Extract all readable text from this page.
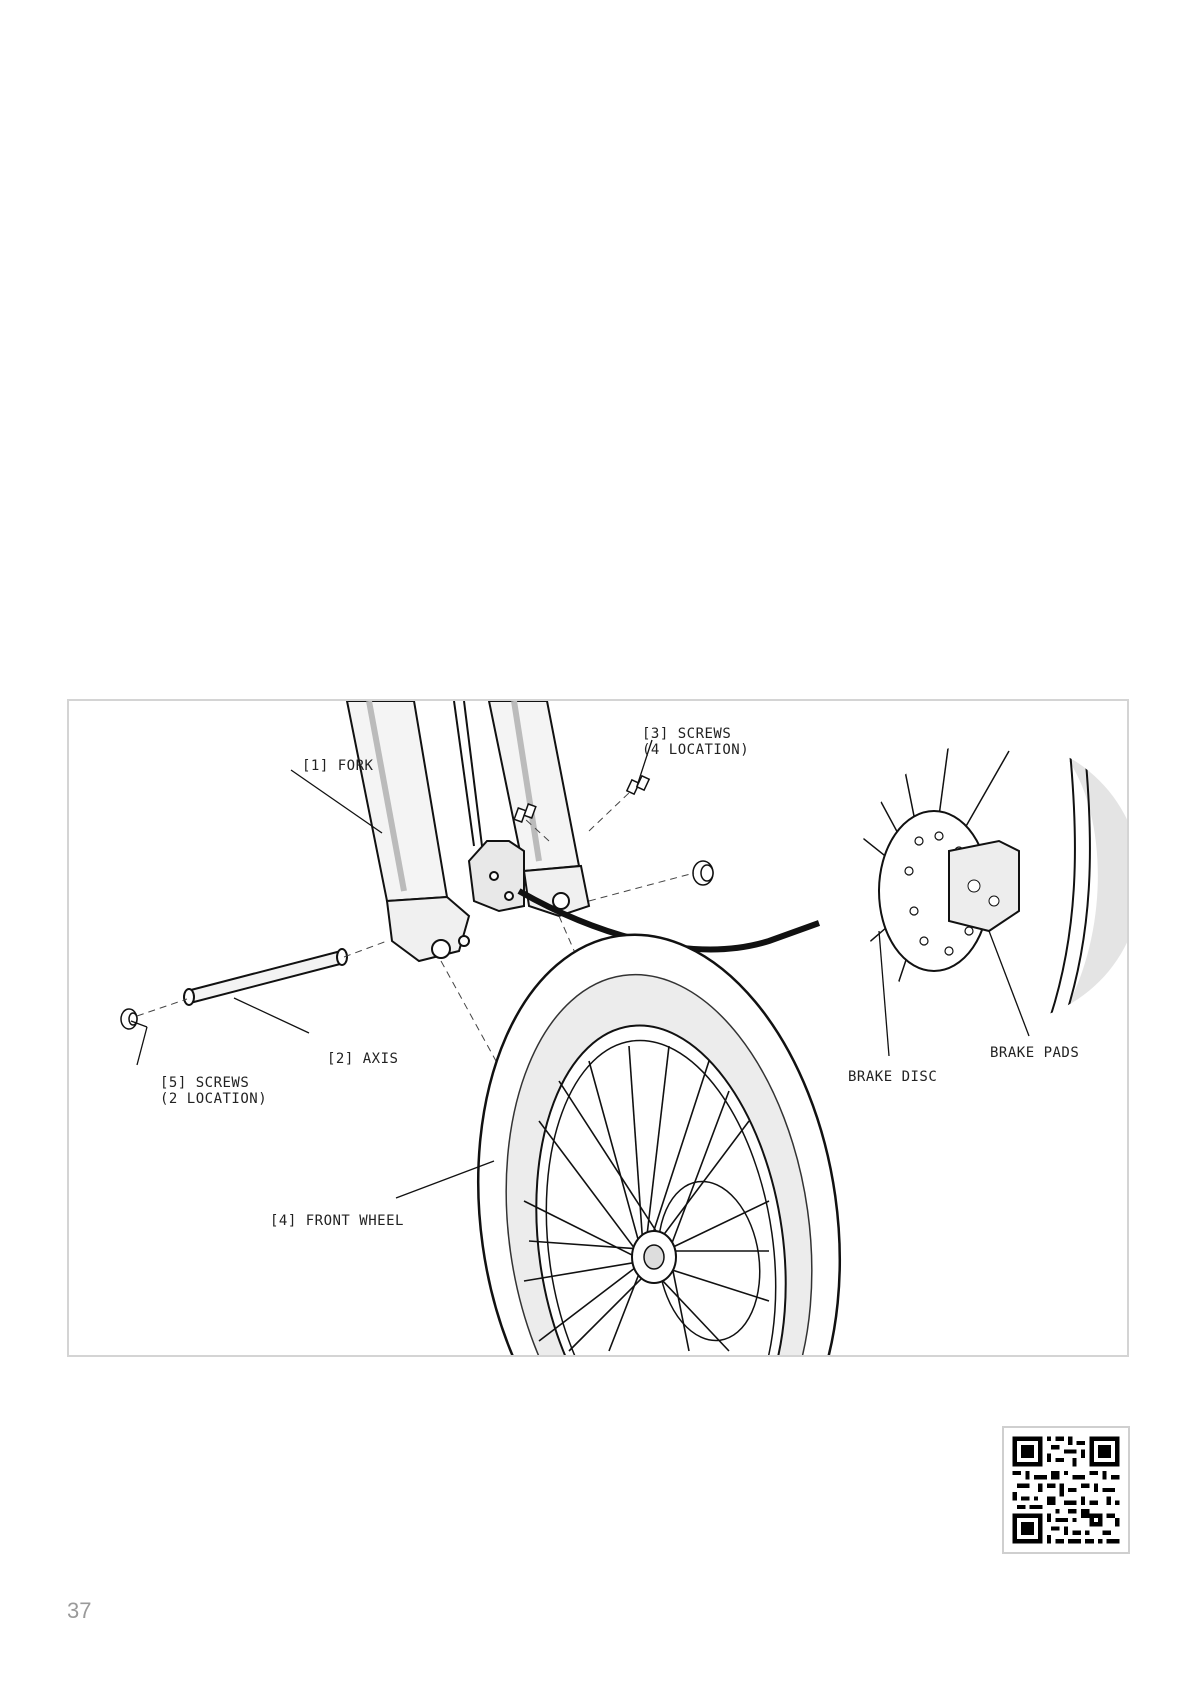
[1] FORK
[3] SCREWS
(4 LOCATION)
[2] AXIS
[5] SCREWS
(2 LOCATION)
[4] FRONT WHEEL
BRAKE DISC
BRAKE PADS
37
